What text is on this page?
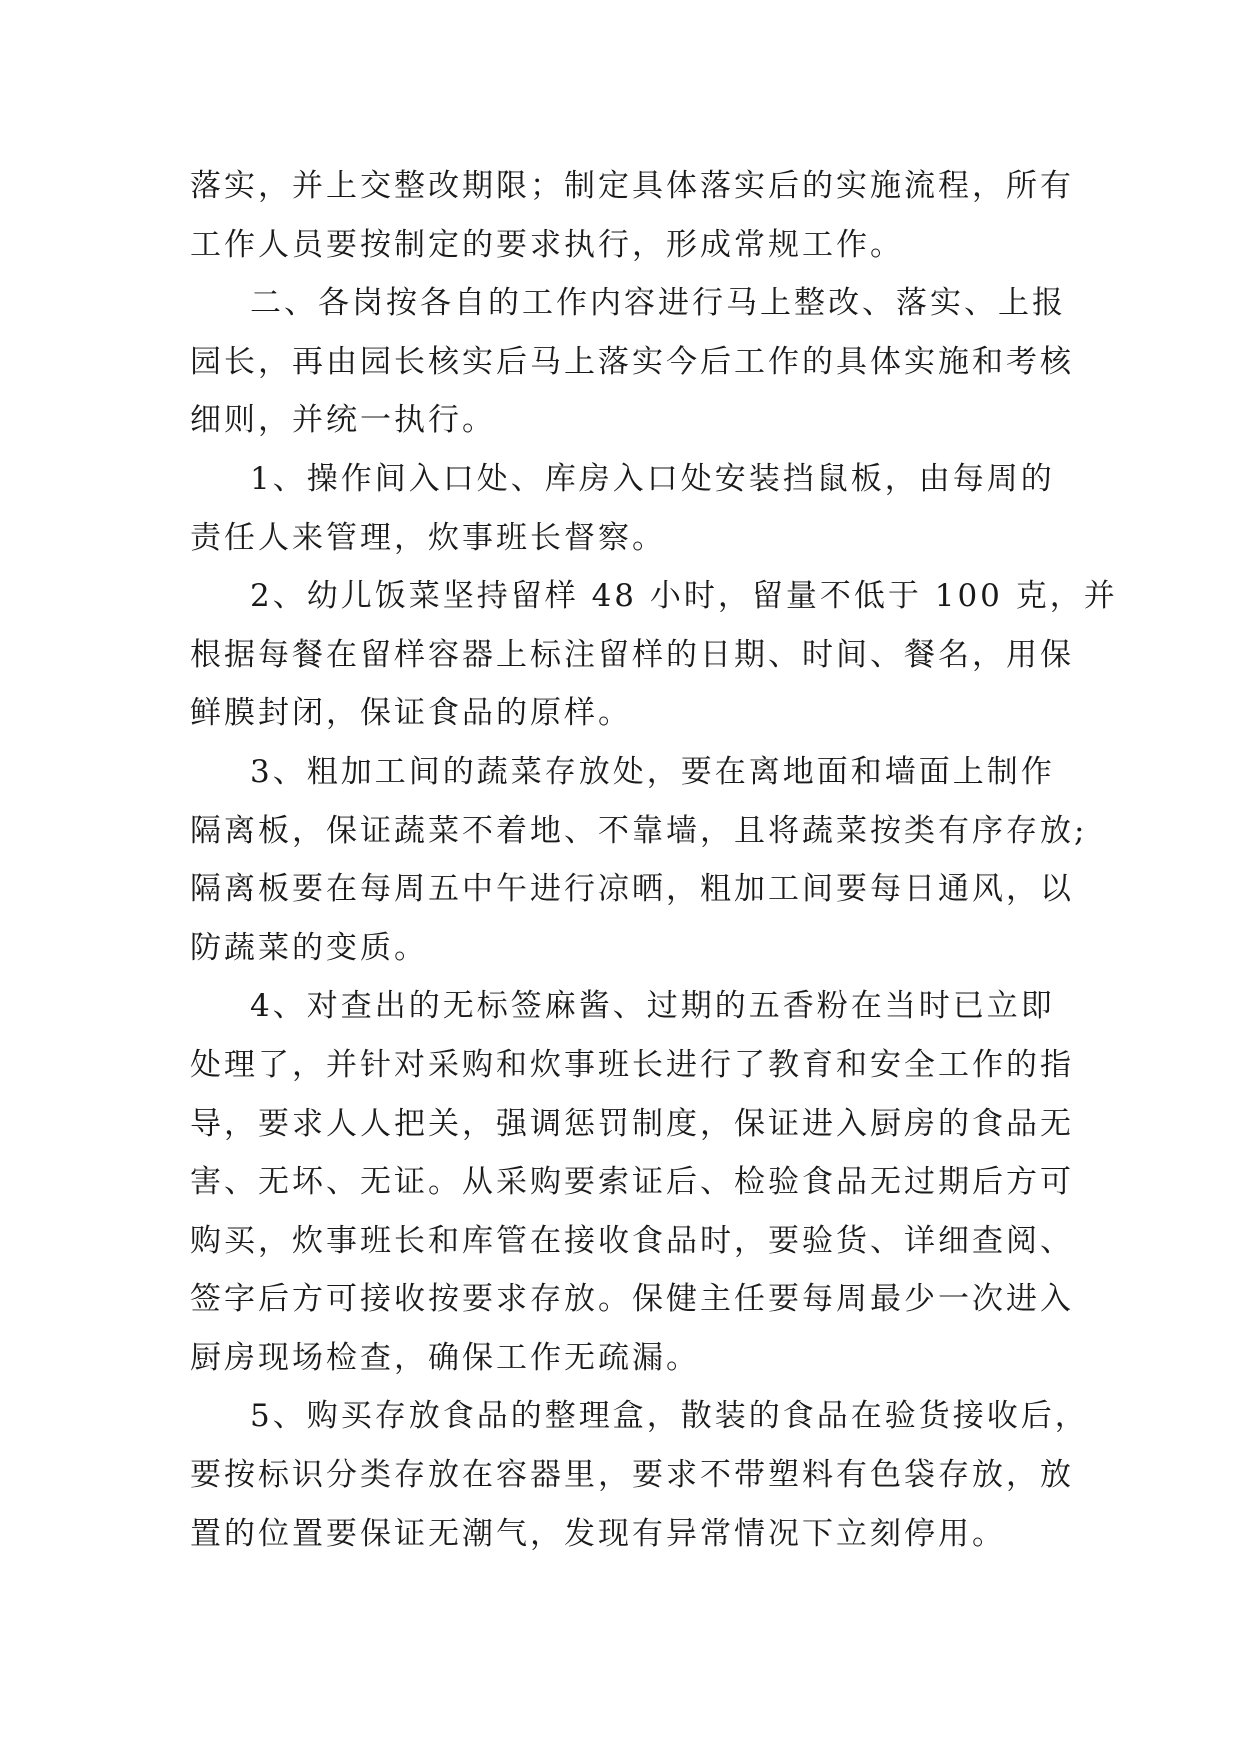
落实，并上交整改期限；制定具体落实后的实施流程，所有
工作人员要按制定的要求执行，形成常规工作。
二、各岗按各自的工作内容进行马上整改、落实、上报
园长，再由园长核实后马上落实今后工作的具体实施和考核
细则，并统一执行。
1、操作间入口处、库房入口处安装挡鼠板，由每周的
责任人来管理，炊事班长督察。
2、幼儿饭菜坚持留样 48 小时，留量不低于 100 克，并
根据每餐在留样容器上标注留样的日期、时间、餐名，用保
鲜膜封闭，保证食品的原样。
3、粗加工间的蔬菜存放处，要在离地面和墙面上制作
隔离板，保证蔬菜不着地、不靠墙，且将蔬菜按类有序存放;
隔离板要在每周五中午进行凉晒，粗加工间要每日通风，以
防蔬菜的变质。
4、对查出的无标签麻酱、过期的五香粉在当时已立即
处理了，并针对采购和炊事班长进行了教育和安全工作的指
导，要求人人把关，强调惩罚制度，保证进入厨房的食品无
害、无坏、无证。从采购要索证后、检验食品无过期后方可
购买，炊事班长和库管在接收食品时，要验货、详细查阅、
签字后方可接收按要求存放。保健主任要每周最少一次进入
厨房现场检查，确保工作无疏漏。
5、购买存放食品的整理盒，散装的食品在验货接收后，
要按标识分类存放在容器里，要求不带塑料有色袋存放，放
置的位置要保证无潮气，发现有异常情况下立刻停用。
